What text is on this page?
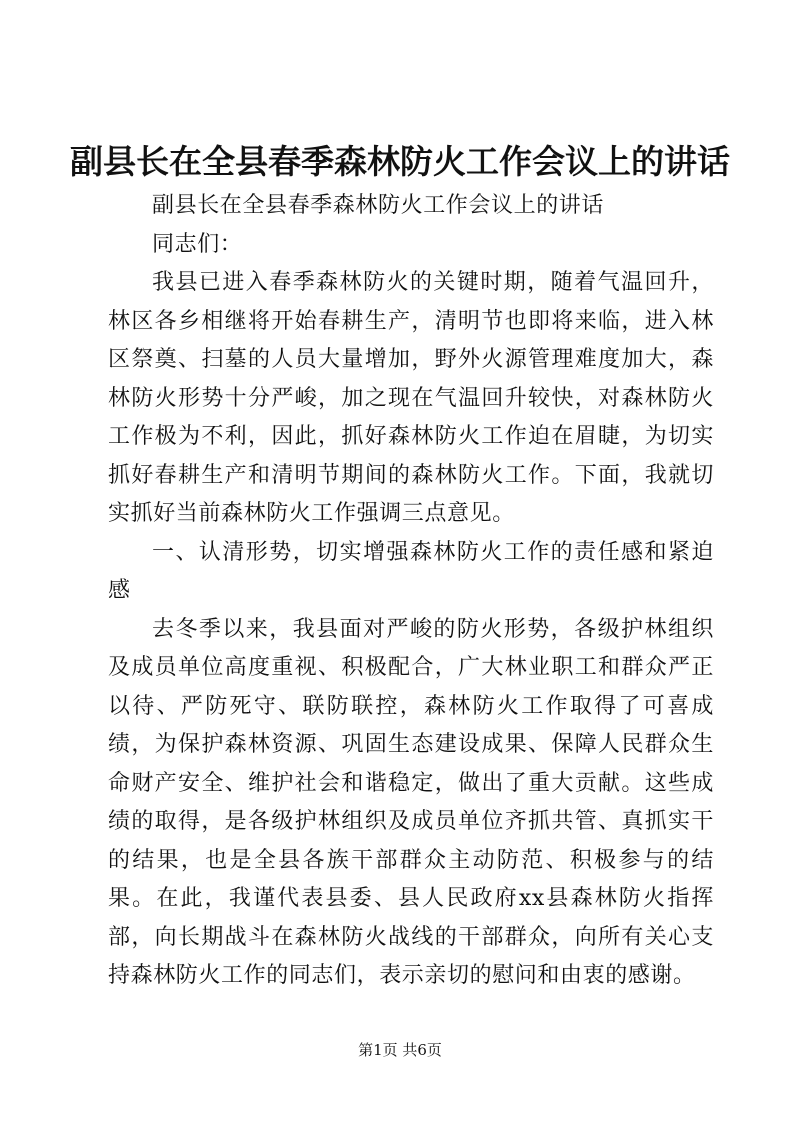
副县长在全县春季森林防火工作会议上的讲话

副县长在全县春季森林防火工作会议上的讲话

同志们：

我县已进入春季森林防火的关键时期，随着气温回升，林区各乡相继将开始春耕生产，清明节也即将来临，进入林区祭奠、扫墓的人员大量增加，野外火源管理难度加大，森林防火形势十分严峻，加之现在气温回升较快，对森林防火工作极为不利，因此，抓好森林防火工作迫在眉睫，为切实抓好春耕生产和清明节期间的森林防火工作。下面，我就切实抓好当前森林防火工作强调三点意见。

一、认清形势，切实增强森林防火工作的责任感和紧迫感

去冬季以来，我县面对严峻的防火形势，各级护林组织及成员单位高度重视、积极配合，广大林业职工和群众严正以待、严防死守、联防联控，森林防火工作取得了可喜成绩，为保护森林资源、巩固生态建设成果、保障人民群众生命财产安全、维护社会和谐稳定，做出了重大贡献。这些成绩的取得，是各级护林组织及成员单位齐抓共管、真抓实干的结果，也是全县各族干部群众主动防范、积极参与的结果。在此，我谨代表县委、县人民政府xx县森林防火指挥部，向长期战斗在森林防火战线的干部群众，向所有关心支持森林防火工作的同志们，表示亲切的慰问和由衷的感谢。

第1页 共6页
